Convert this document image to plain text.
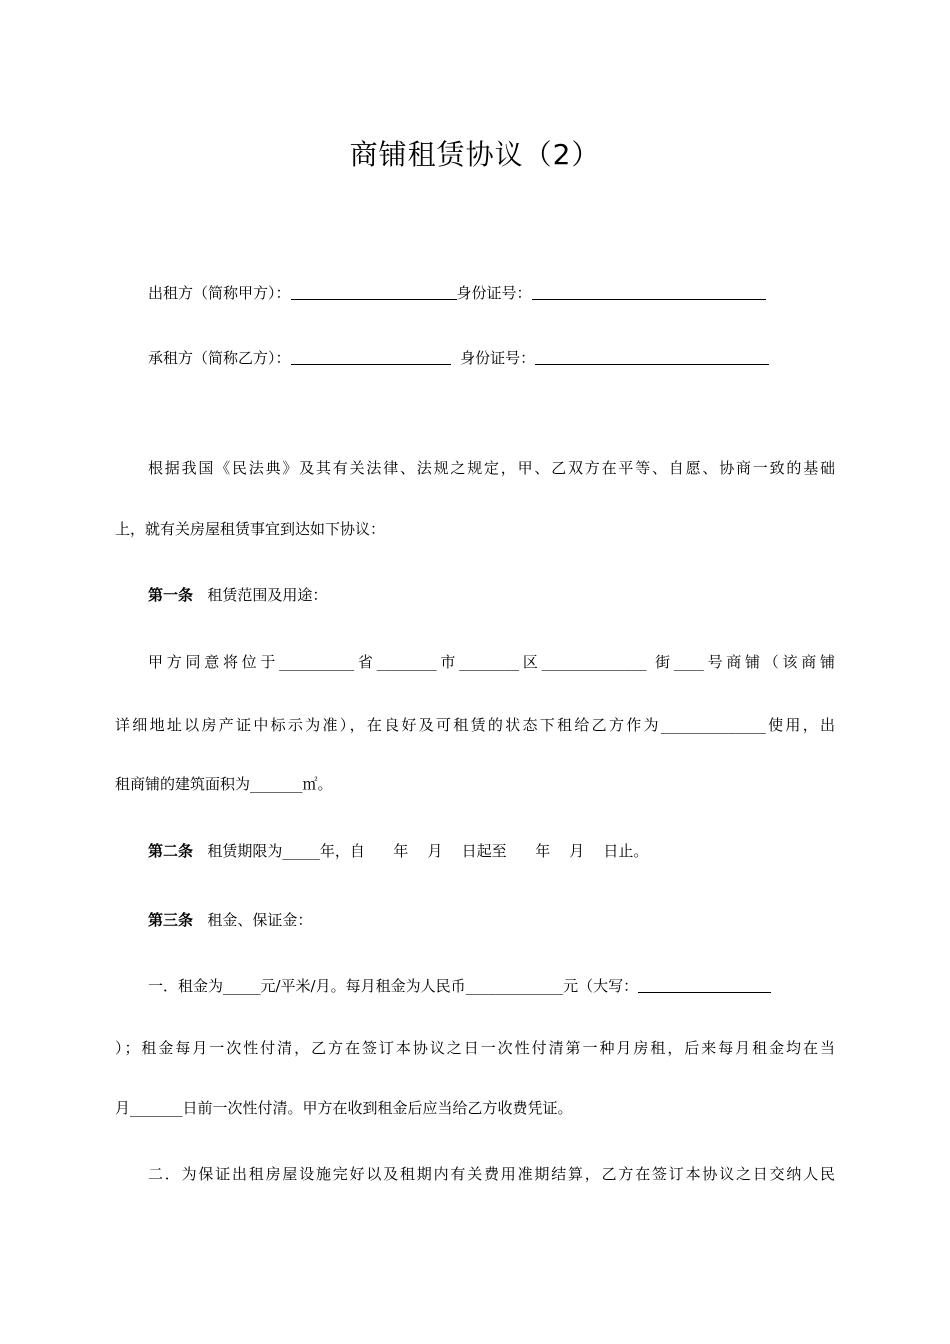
商铺租赁协议（2）
出租方（简称甲方）：	身份证号：
承租方（简称乙方）：	身份证号：
根据我国《民法典》及其有关法律、法规之规定，甲、乙双方在平等、自愿、协商一致的基础
上，就有关房屋租赁事宜到达如下协议：
第一条 租赁范围及用途：
甲方同意将位于__________省________市________区______________ 街____号商铺（该商铺
详细地址以房产证中标示为准），在良好及可租赁的状态下租给乙方作为______________使用，出
租商铺的建筑面积为_______㎡。
第二条 租赁期限为_____年，自      年    月    日起至      年    月    日止。
第三条 租金、保证金：
一．租金为_____元/平米/月。每月租金为人民币_____________元（大写：
）；租金每月一次性付清，乙方在签订本协议之日一次性付清第一种月房租，后来每月租金均在当
月_______日前一次性付清。甲方在收到租金后应当给乙方收费凭证。
二．为保证出租房屋设施完好以及租期内有关费用准期结算，乙方在签订本协议之日交纳人民
